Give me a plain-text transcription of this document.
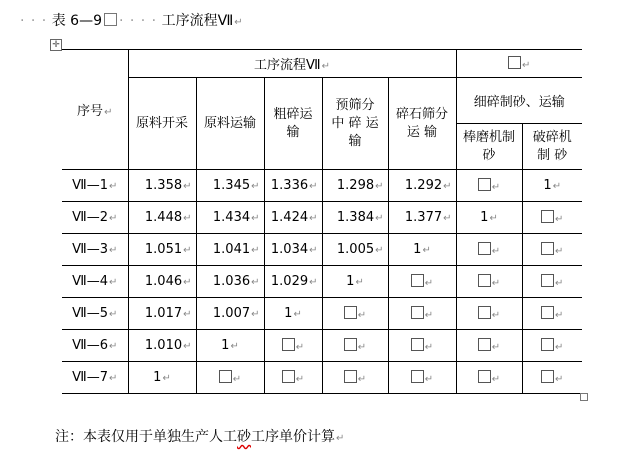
· · · 表 6—9 · · · · 工序流程Ⅶ↵
✛
序号↵	工序流程Ⅶ↵					↵	
	原料开采	原料运输	粗碎运输	预筛分中 碎 运 输	碎石筛分运 输	细碎制砂、运输	

						棒磨机制砂	破碎机制 砂

Ⅶ—1↵	1.358↵	1.345↵	1.336↵	1.298↵	1.292↵	↵	1↵
Ⅶ—2↵	1.448↵	1.434↵	1.424↵	1.384↵	1.377↵	1↵	↵
Ⅶ—3↵	1.051↵	1.041↵	1.034↵	1.005↵	1↵	↵	↵
Ⅶ—4↵	1.046↵	1.036↵	1.029↵	1↵	↵	↵	↵
Ⅶ—5↵	1.017↵	1.007↵	1↵	↵	↵	↵	↵
Ⅶ—6↵	1.010↵	1↵	↵	↵	↵	↵	↵
Ⅶ—7↵	1↵	↵	↵	↵	↵	↵	↵
注：本表仅用于单独生产人工砂工序单价计算↵
